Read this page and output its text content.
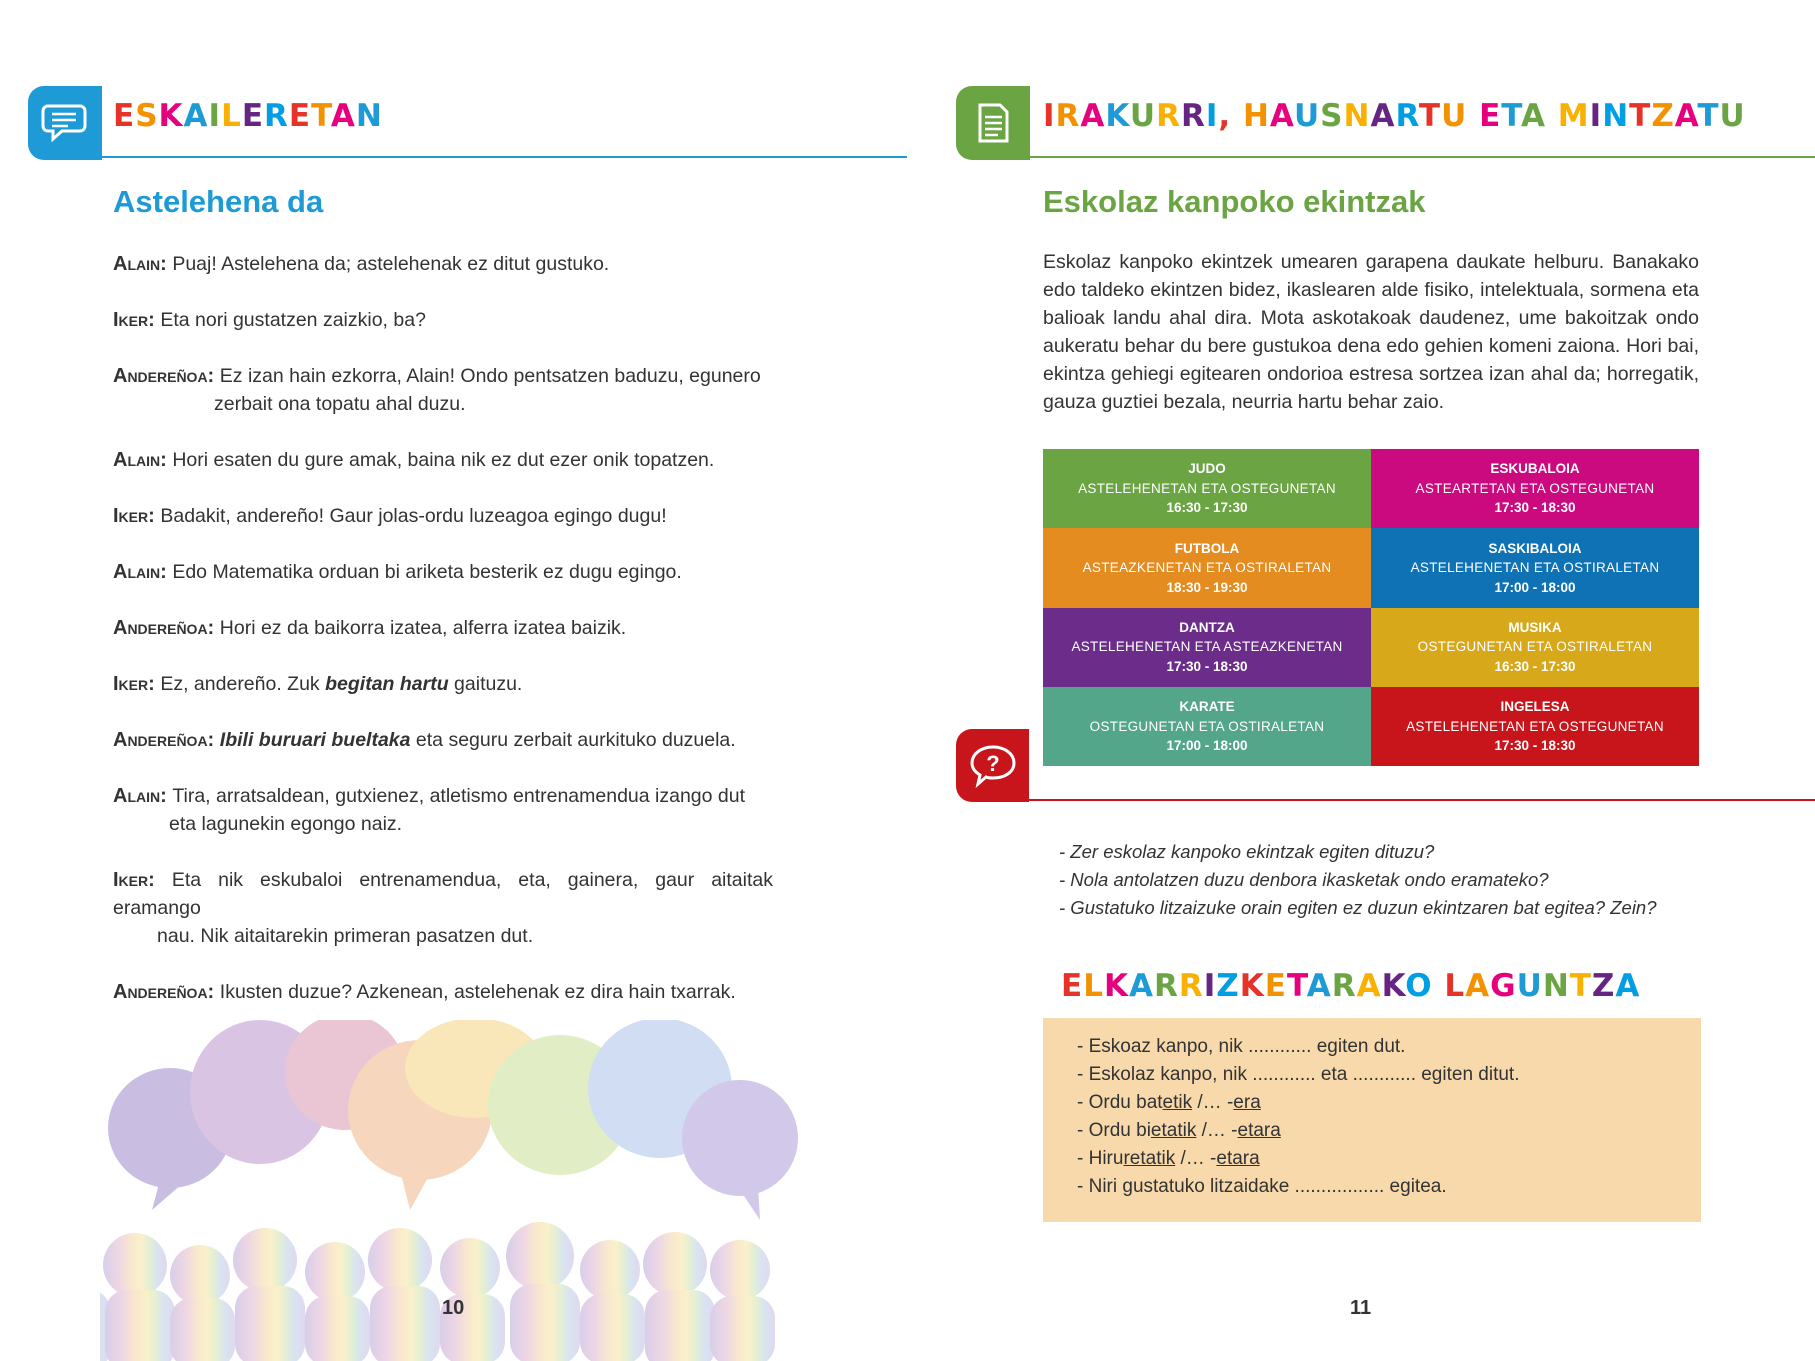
ESKAILERETAN
Astelehena da
Alain: Puaj! Astelehena da; astelehenak ez ditut gustuko.
Iker: Eta nori gustatzen zaizkio, ba?
Andereñoa: Ez izan hain ezkorra, Alain! Ondo pentsatzen baduzu, egunero
zerbait ona topatu ahal duzu.
Alain: Hori esaten du gure amak, baina nik ez dut ezer onik topatzen.
Iker: Badakit, andereño! Gaur jolas-ordu luzeagoa egingo dugu!
Alain: Edo Matematika orduan bi ariketa besterik ez dugu egingo.
Andereñoa: Hori ez da baikorra izatea, alferra izatea baizik.
Iker: Ez, andereño. Zuk begitan hartu gaituzu.
Andereñoa: Ibili buruari bueltaka eta seguru zerbait aurkituko duzuela.
Alain: Tira, arratsaldean, gutxienez, atletismo entrenamendua izango dut
eta lagunekin egongo naiz.
Iker: Eta nik eskubaloi entrenamendua, eta, gainera, gaur aitaitak eramango
nau. Nik aitaitarekin primeran pasatzen dut.
Andereñoa: Ikusten duzue? Azkenean, astelehenak ez dira hain txarrak.
10
IRAKURRI, HAUSNARTU ETA MINTZATU
Eskolaz kanpoko ekintzak

Eskolaz kanpoko ekintzek umearen garapena daukate helburu. Banakako edo taldeko ekintzen bidez, ikaslearen alde fisiko, intelektuala, sormena eta balioak landu ahal dira. Mota askotakoak daudenez, ume bakoitzak ondo aukeratu behar du bere gustukoa dena edo gehien komeni zaiona. Hori bai, ekintza gehiegi egitearen ondorioa estresa sortzea izan ahal da; horregatik, gauza guztiei bezala, neurria hartu behar zaio.

JUDO
ASTELEHENETAN ETA OSTEGUNETAN
16:30 - 17:30
ESKUBALOIA
ASTEARTETAN ETA OSTEGUNETAN
17:30 - 18:30
FUTBOLA
ASTEAZKENETAN ETA OSTIRALETAN
18:30 - 19:30
SASKIBALOIA
ASTELEHENETAN ETA OSTIRALETAN
17:00 - 18:00
DANTZA
ASTELEHENETAN ETA ASTEAZKENETAN
17:30 - 18:30
MUSIKA
OSTEGUNETAN ETA OSTIRALETAN
16:30 - 17:30
KARATE
OSTEGUNETAN ETA OSTIRALETAN
17:00 - 18:00
INGELESA
ASTELEHENETAN ETA OSTEGUNETAN
17:30 - 18:30
?
- Zer eskolaz kanpoko ekintzak egiten dituzu?
- Nola antolatzen duzu denbora ikasketak ondo eramateko?
- Gustatuko litzaizuke orain egiten ez duzun ekintzaren bat egitea? Zein?
ELKARRIZKETARAKO LAGUNTZA
- Eskoaz kanpo, nik ............ egiten dut.
- Eskolaz kanpo, nik ............ eta ............ egiten ditut.
- Ordu batetik /… -era
- Ordu bietatik /… -etara
- Hiruretatik /… -etara
- Niri gustatuko litzaidake ................. egitea.
11
